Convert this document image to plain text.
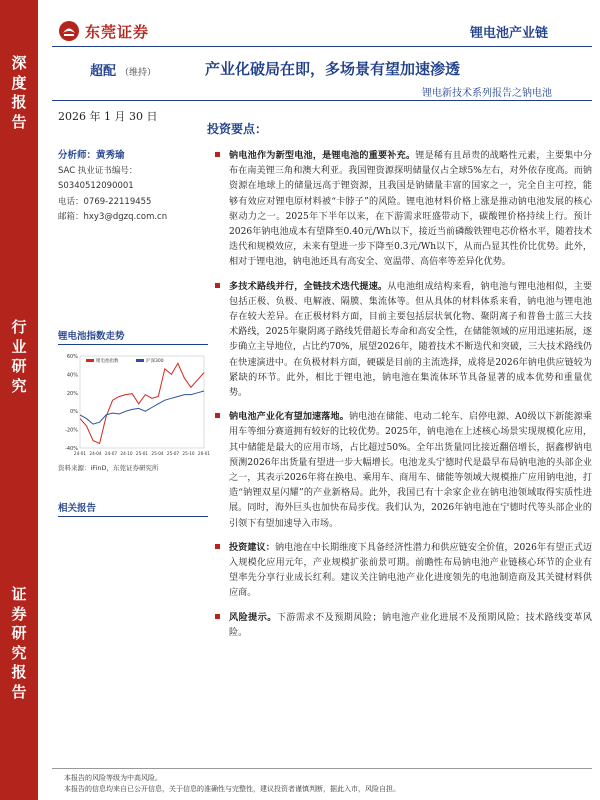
深
度
报
告
行
业
研
究
证
券
研
究
报
告
东莞证券	锂电池产业链
超配 （维持）	产业化破局在即，多场景有望加速渗透
锂电新技术系列报告之钠电池
2026 年 1 月 30 日
分析师：黄秀瑜
SAC 执业证书编号：
S0340512090001
电话：0769-22119455
邮箱：hxy3@dgzq.com.cn
锂电池指数走势
60%
40%
20%
0%
-20%
-40%
24-01 24-04 24-07 24-10 25-01 25-04 25-07 25-10 26-01
锂电池指数	沪深300
资料来源：iFinD，东莞证券研究所
相关报告
投资要点：
钠电池作为新型电池，是锂电池的重要补充。锂是稀有且昂贵的战略性元素，主要集中分布在南美锂三角和澳大利亚。我国锂资源探明储量仅占全球5%左右，对外依存度高。而钠资源在地球上的储量远高于锂资源，且我国是钠储量丰富的国家之一，完全自主可控，能够有效应对锂电原材料被“卡脖子”的风险。锂电池材料价格上涨是推动钠电池发展的核心驱动力之一。2025年下半年以来，在下游需求旺盛带动下，碳酸锂价格持续上行。预计2026年钠电池成本有望降至0.40元/Wh以下，接近当前磷酸铁锂电芯价格水平，随着技术迭代和规模效应，未来有望进一步下降至0.3元/Wh以下，从而凸显其性价比优势。此外，相对于锂电池，钠电池还具有高安全、宽温带、高倍率等差异化优势。
多技术路线并行，全链技术迭代提速。从电池组成结构来看，钠电池与锂电池相似，主要包括正极、负极、电解液、隔膜、集流体等。但从具体的材料体系来看，钠电池与锂电池存在较大差异。在正极材料方面，目前主要包括层状氧化物、聚阴离子和普鲁士蓝三大技术路线，2025年聚阴离子路线凭借超长寿命和高安全性，在储能领域的应用迅速拓展，逐步确立主导地位，占比约70%，展望2026年，随着技术不断迭代和突破，三大技术路线仍在快速演进中。在负极材料方面，硬碳是目前的主流选择，成将是2026年钠电供应链较为紧缺的环节。此外，相比于锂电池，钠电池在集流体环节具备显著的成本优势和重量优势。
钠电池产业化有望加速落地。钠电池在储能、电动二轮车、启停电源、A0级以下新能源乘用车等细分赛道拥有较好的比较优势。2025年，钠电池在上述核心场景实现规模化应用，其中储能是最大的应用市场，占比超过50%。全年出货量同比接近翻倍增长，据鑫椤钠电预测2026年出货量有望进一步大幅增长。电池龙头宁德时代是最早布局钠电池的头部企业之一，其表示2026年将在换电、乘用车、商用车、储能等领域大规模推广应用钠电池，打造“钠锂双星闪耀”的产业新格局。此外，我国已有十余家企业在钠电池领域取得实质性进展。同时，海外巨头也加快布局步伐。我们认为，2026年钠电池在宁德时代等头部企业的引领下有望加速导入市场。
投资建议：钠电池在中长期维度下具备经济性潜力和供应链安全价值，2026年有望正式迈入规模化应用元年，产业规模扩张前景可期。前瞻性布局钠电池产业链核心环节的企业有望率先分享行业成长红利。建议关注钠电池产业化进度领先的电池制造商及其关键材料供应商。
风险提示。下游需求不及预期风险；钠电池产业化进展不及预期风险；技术路线变革风险。
本报告的风险等级为中高风险。
本报告的信息均来自已公开信息，关于信息的准确性与完整性，建议投资者谨慎判断，据此入市，风险自担。
